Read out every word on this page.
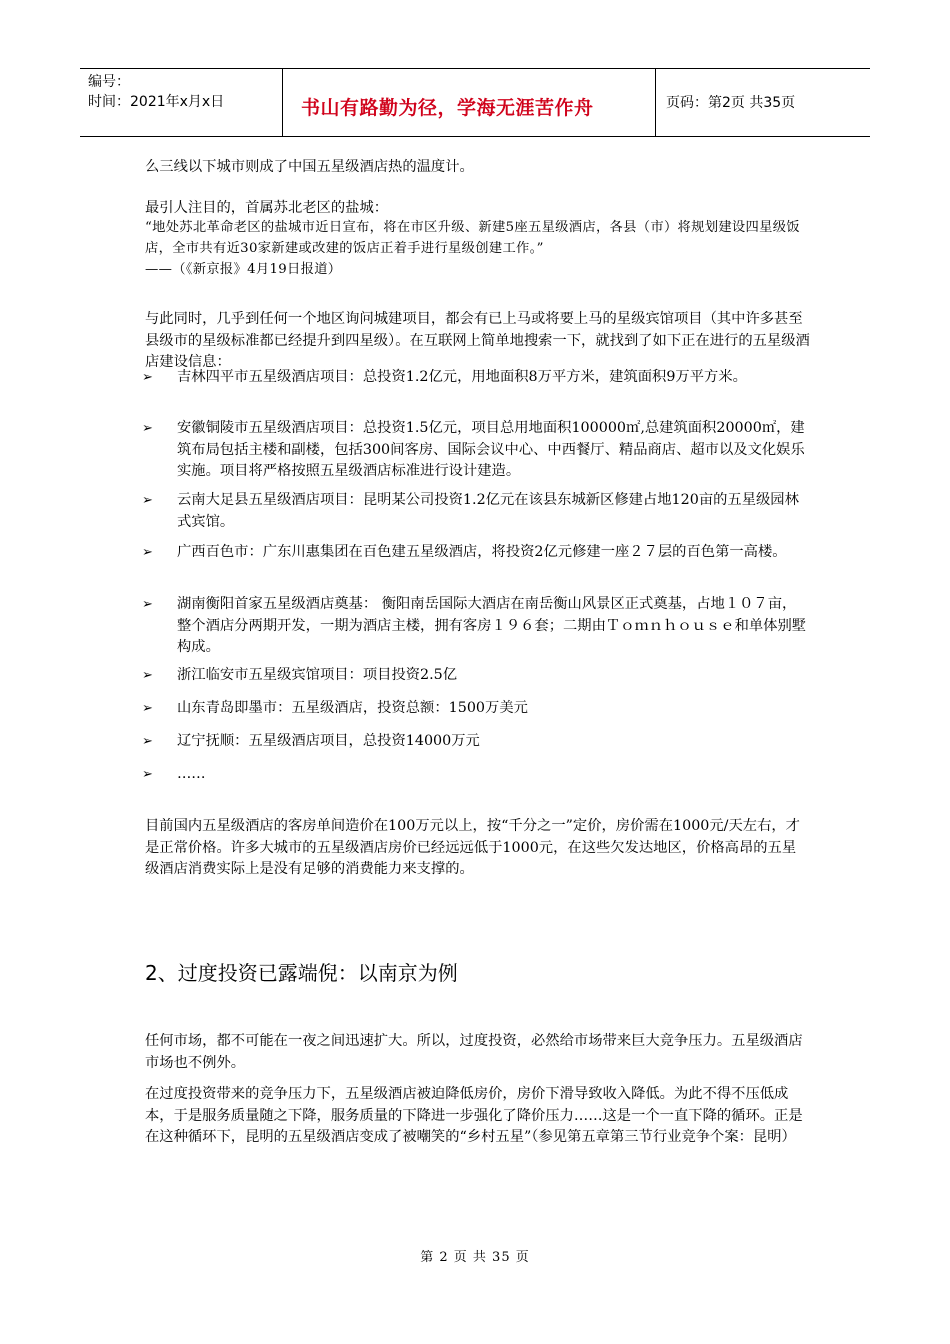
编号：
时间：2021年x月x日	书山有路勤为径，学海无涯苦作舟	页码：第2页 共35页
么三线以下城市则成了中国五星级酒店热的温度计。
最引人注目的，首属苏北老区的盐城：
“地处苏北革命老区的盐城市近日宣布，将在市区升级、新建5座五星级酒店，各县（市）将规划建设四星级饭店，全市共有近30家新建或改建的饭店正着手进行星级创建工作。”
——（《新京报》4月19日报道）
与此同时，几乎到任何一个地区询问城建项目，都会有已上马或将要上马的星级宾馆项目（其中许多甚至县级市的星级标准都已经提升到四星级）。在互联网上简单地搜索一下，就找到了如下正在进行的五星级酒店建设信息：
➢ 吉林四平市五星级酒店项目：总投资1.2亿元，用地面积8万平方米，建筑面积9万平方米。
➢ 安徽铜陵市五星级酒店项目：总投资1.5亿元，项目总用地面积100000㎡,总建筑面积20000㎡，建筑布局包括主楼和副楼，包括300间客房、国际会议中心、中西餐厅、精品商店、超市以及文化娱乐实施。项目将严格按照五星级酒店标准进行设计建造。
➢ 云南大足县五星级酒店项目：昆明某公司投资1.2亿元在该县东城新区修建占地120亩的五星级园林式宾馆。
➢ 广西百色市：广东川惠集团在百色建五星级酒店，将投资2亿元修建一座２７层的百色第一高楼。
➢ 湖南衡阳首家五星级酒店奠基： 衡阳南岳国际大酒店在南岳衡山风景区正式奠基，占地１０７亩，整个酒店分两期开发，一期为酒店主楼，拥有客房１９６套；二期由Ｔｏｍｎｈｏｕｓｅ和单体别墅构成。
➢ 浙江临安市五星级宾馆项目：项目投资2.5亿
➢ 山东青岛即墨市：五星级酒店，投资总额：1500万美元
➢ 辽宁抚顺：五星级酒店项目，总投资14000万元
➢ ……
目前国内五星级酒店的客房单间造价在100万元以上，按“千分之一”定价，房价需在1000元/天左右，才是正常价格。许多大城市的五星级酒店房价已经远远低于1000元，在这些欠发达地区，价格高昂的五星级酒店消费实际上是没有足够的消费能力来支撑的。
2、过度投资已露端倪：以南京为例
任何市场，都不可能在一夜之间迅速扩大。所以，过度投资，必然给市场带来巨大竞争压力。五星级酒店市场也不例外。
在过度投资带来的竞争压力下，五星级酒店被迫降低房价，房价下滑导致收入降低。为此不得不压低成本，于是服务质量随之下降，服务质量的下降进一步强化了降价压力……这是一个一直下降的循环。正是在这种循环下，昆明的五星级酒店变成了被嘲笑的“乡村五星”（参见第五章第三节行业竞争个案：昆明）
第 2 页 共 35 页
